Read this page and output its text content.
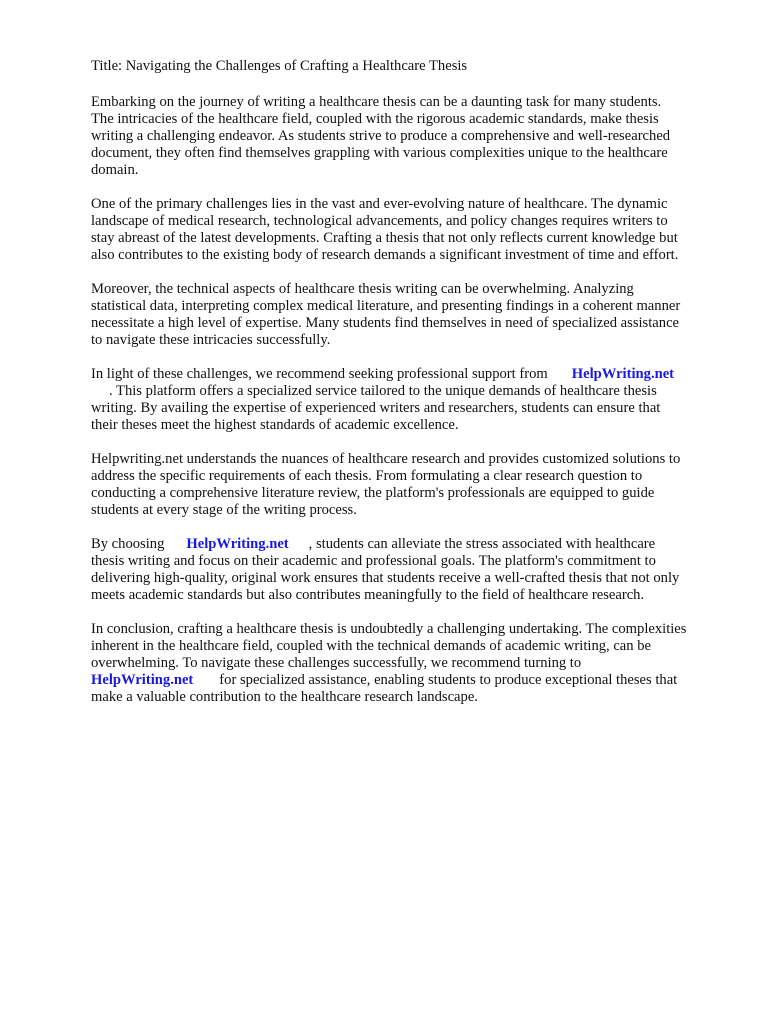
Title: Navigating the Challenges of Crafting a Healthcare Thesis
Embarking on the journey of writing a healthcare thesis can be a daunting task for many students.
The intricacies of the healthcare field, coupled with the rigorous academic standards, make thesis
writing a challenging endeavor. As students strive to produce a comprehensive and well-researched
document, they often find themselves grappling with various complexities unique to the healthcare
domain.
One of the primary challenges lies in the vast and ever-evolving nature of healthcare. The dynamic
landscape of medical research, technological advancements, and policy changes requires writers to
stay abreast of the latest developments. Crafting a thesis that not only reflects current knowledge but
also contributes to the existing body of research demands a significant investment of time and effort.
Moreover, the technical aspects of healthcare thesis writing can be overwhelming. Analyzing
statistical data, interpreting complex medical literature, and presenting findings in a coherent manner
necessitate a high level of expertise. Many students find themselves in need of specialized assistance
to navigate these intricacies successfully.
In light of these challenges, we recommend seeking professional support from HelpWriting.net
. This platform offers a specialized service tailored to the unique demands of healthcare thesis
writing. By availing the expertise of experienced writers and researchers, students can ensure that
their theses meet the highest standards of academic excellence.
Helpwriting.net understands the nuances of healthcare research and provides customized solutions to
address the specific requirements of each thesis. From formulating a clear research question to
conducting a comprehensive literature review, the platform's professionals are equipped to guide
students at every stage of the writing process.
By choosing HelpWriting.net , students can alleviate the stress associated with healthcare
thesis writing and focus on their academic and professional goals. The platform's commitment to
delivering high-quality, original work ensures that students receive a well-crafted thesis that not only
meets academic standards but also contributes meaningfully to the field of healthcare research.
In conclusion, crafting a healthcare thesis is undoubtedly a challenging undertaking. The complexities
inherent in the healthcare field, coupled with the technical demands of academic writing, can be
overwhelming. To navigate these challenges successfully, we recommend turning to
HelpWriting.net for specialized assistance, enabling students to produce exceptional theses that
make a valuable contribution to the healthcare research landscape.
